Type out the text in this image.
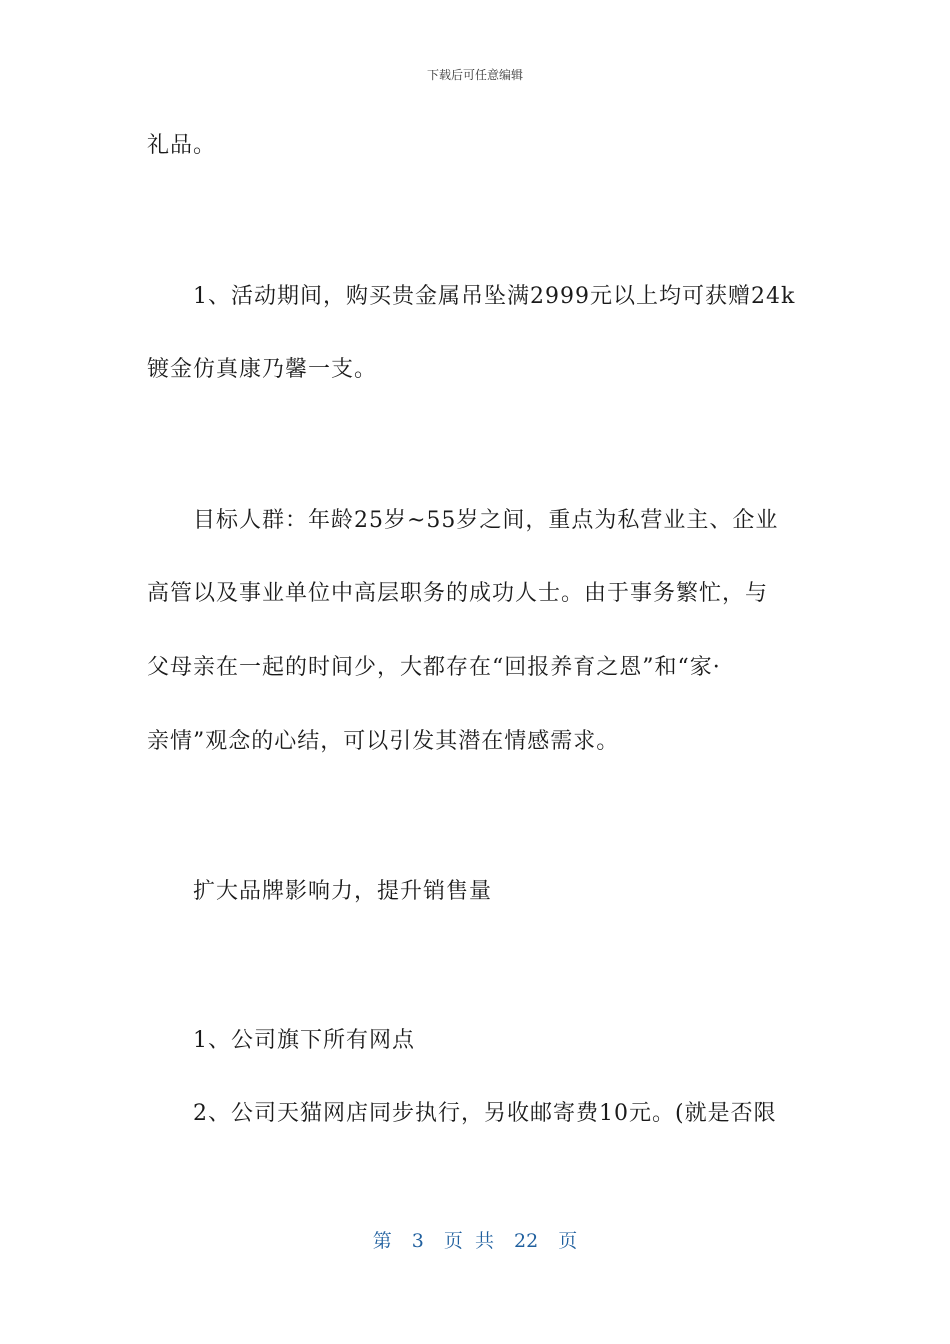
下载后可任意编辑
礼品。
1、活动期间，购买贵金属吊坠满2999元以上均可获赠24k
镀金仿真康乃馨一支。
目标人群：年龄25岁~55岁之间，重点为私营业主、企业
高管以及事业单位中高层职务的成功人士。由于事务繁忙，与
父母亲在一起的时间少，大都存在“回报养育之恩”和“家·
亲情”观念的心结，可以引发其潜在情感需求。
扩大品牌影响力，提升销售量
1、公司旗下所有网点
2、公司天猫网店同步执行，另收邮寄费10元。(就是否限
第 3 页 共 22 页
